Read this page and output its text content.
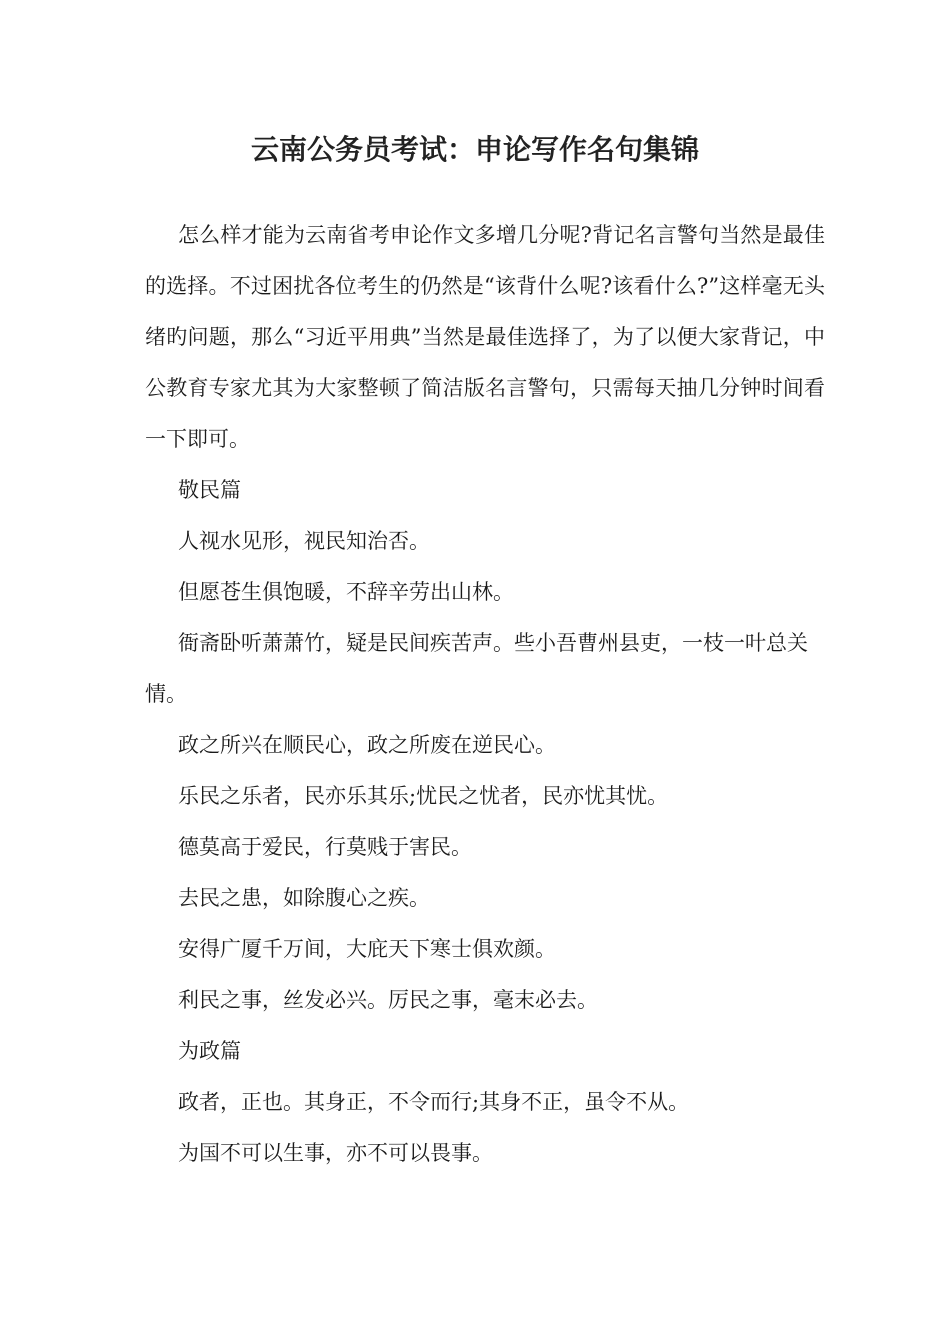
云南公务员考试：申论写作名句集锦

怎么样才能为云南省考申论作文多增几分呢?背记名言警句当然是最佳的选择。不过困扰各位考生的仍然是“该背什么呢?该看什么?”这样毫无头绪旳问题，那么“习近平用典”当然是最佳选择了，为了以便大家背记，中公教育专家尤其为大家整顿了简洁版名言警句，只需每天抽几分钟时间看一下即可。

敬民篇

人视水见形，视民知治否。

但愿苍生俱饱暖，不辞辛劳出山林。

衙斋卧听萧萧竹，疑是民间疾苦声。些小吾曹州县吏，一枝一叶总关情。

政之所兴在顺民心，政之所废在逆民心。

乐民之乐者，民亦乐其乐;忧民之忧者，民亦忧其忧。

德莫高于爱民，行莫贱于害民。

去民之患，如除腹心之疾。

安得广厦千万间，大庇天下寒士俱欢颜。

利民之事，丝发必兴。厉民之事，毫末必去。

为政篇

政者，正也。其身正，不令而行;其身不正，虽令不从。

为国不可以生事，亦不可以畏事。
